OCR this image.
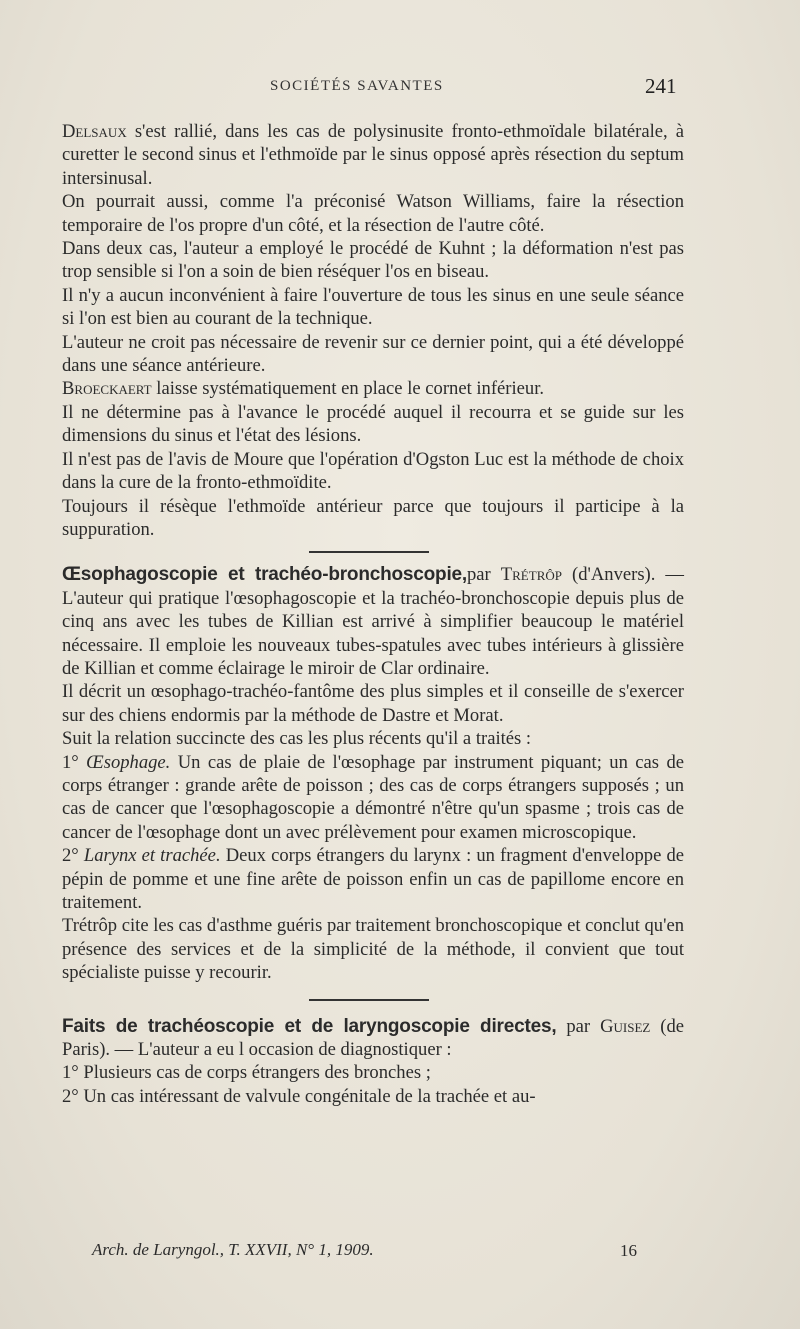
SOCIÉTÉS SAVANTES	241

Delsaux s'est rallié, dans les cas de polysinusite fronto-ethmoïdale bilatérale, à curetter le second sinus et l'ethmoïde par le sinus opposé après résection du septum intersinusal.

On pourrait aussi, comme l'a préconisé Watson Williams, faire la résection temporaire de l'os propre d'un côté, et la résection de l'autre côté.

Dans deux cas, l'auteur a employé le procédé de Kuhnt ; la déformation n'est pas trop sensible si l'on a soin de bien réséquer l'os en biseau.

Il n'y a aucun inconvénient à faire l'ouverture de tous les sinus en une seule séance si l'on est bien au courant de la technique.

L'auteur ne croit pas nécessaire de revenir sur ce dernier point, qui a été développé dans une séance antérieure.

Broeckaert laisse systématiquement en place le cornet inférieur.

Il ne détermine pas à l'avance le procédé auquel il recourra et se guide sur les dimensions du sinus et l'état des lésions.

Il n'est pas de l'avis de Moure que l'opération d'Ogston Luc est la méthode de choix dans la cure de la fronto-ethmoïdite.

Toujours il résèque l'ethmoïde antérieur parce que toujours il participe à la suppuration.

Œsophagoscopie et trachéo-bronchoscopie,par Trétrôp (d'Anvers). — L'auteur qui pratique l'œsophagoscopie et la trachéo-bronchoscopie depuis plus de cinq ans avec les tubes de Killian est arrivé à simplifier beaucoup le matériel nécessaire. Il emploie les nouveaux tubes-spatules avec tubes intérieurs à glissière de Killian et comme éclairage le miroir de Clar ordinaire.

Il décrit un œsophago-trachéo-fantôme des plus simples et il conseille de s'exercer sur des chiens endormis par la méthode de Dastre et Morat.

Suit la relation succincte des cas les plus récents qu'il a traités :

1° Œsophage. Un cas de plaie de l'œsophage par instrument piquant; un cas de corps étranger : grande arête de poisson ; des cas de corps étrangers supposés ; un cas de cancer que l'œsophagoscopie a démontré n'être qu'un spasme ; trois cas de cancer de l'œsophage dont un avec prélèvement pour examen microscopique.

2° Larynx et trachée. Deux corps étrangers du larynx : un fragment d'enveloppe de pépin de pomme et une fine arête de poisson enfin un cas de papillome encore en traitement.

Trétrôp cite les cas d'asthme guéris par traitement bronchoscopique et conclut qu'en présence des services et de la simplicité de la méthode, il convient que tout spécialiste puisse y recourir.

Faits de trachéoscopie et de laryngoscopie directes, par Guisez (de Paris). — L'auteur a eu l occasion de diagnostiquer :

1° Plusieurs cas de corps étrangers des bronches ;

2° Un cas intéressant de valvule congénitale de la trachée et au-

Arch. de Laryngol., T. XXVII, N° 1, 1909.	16
